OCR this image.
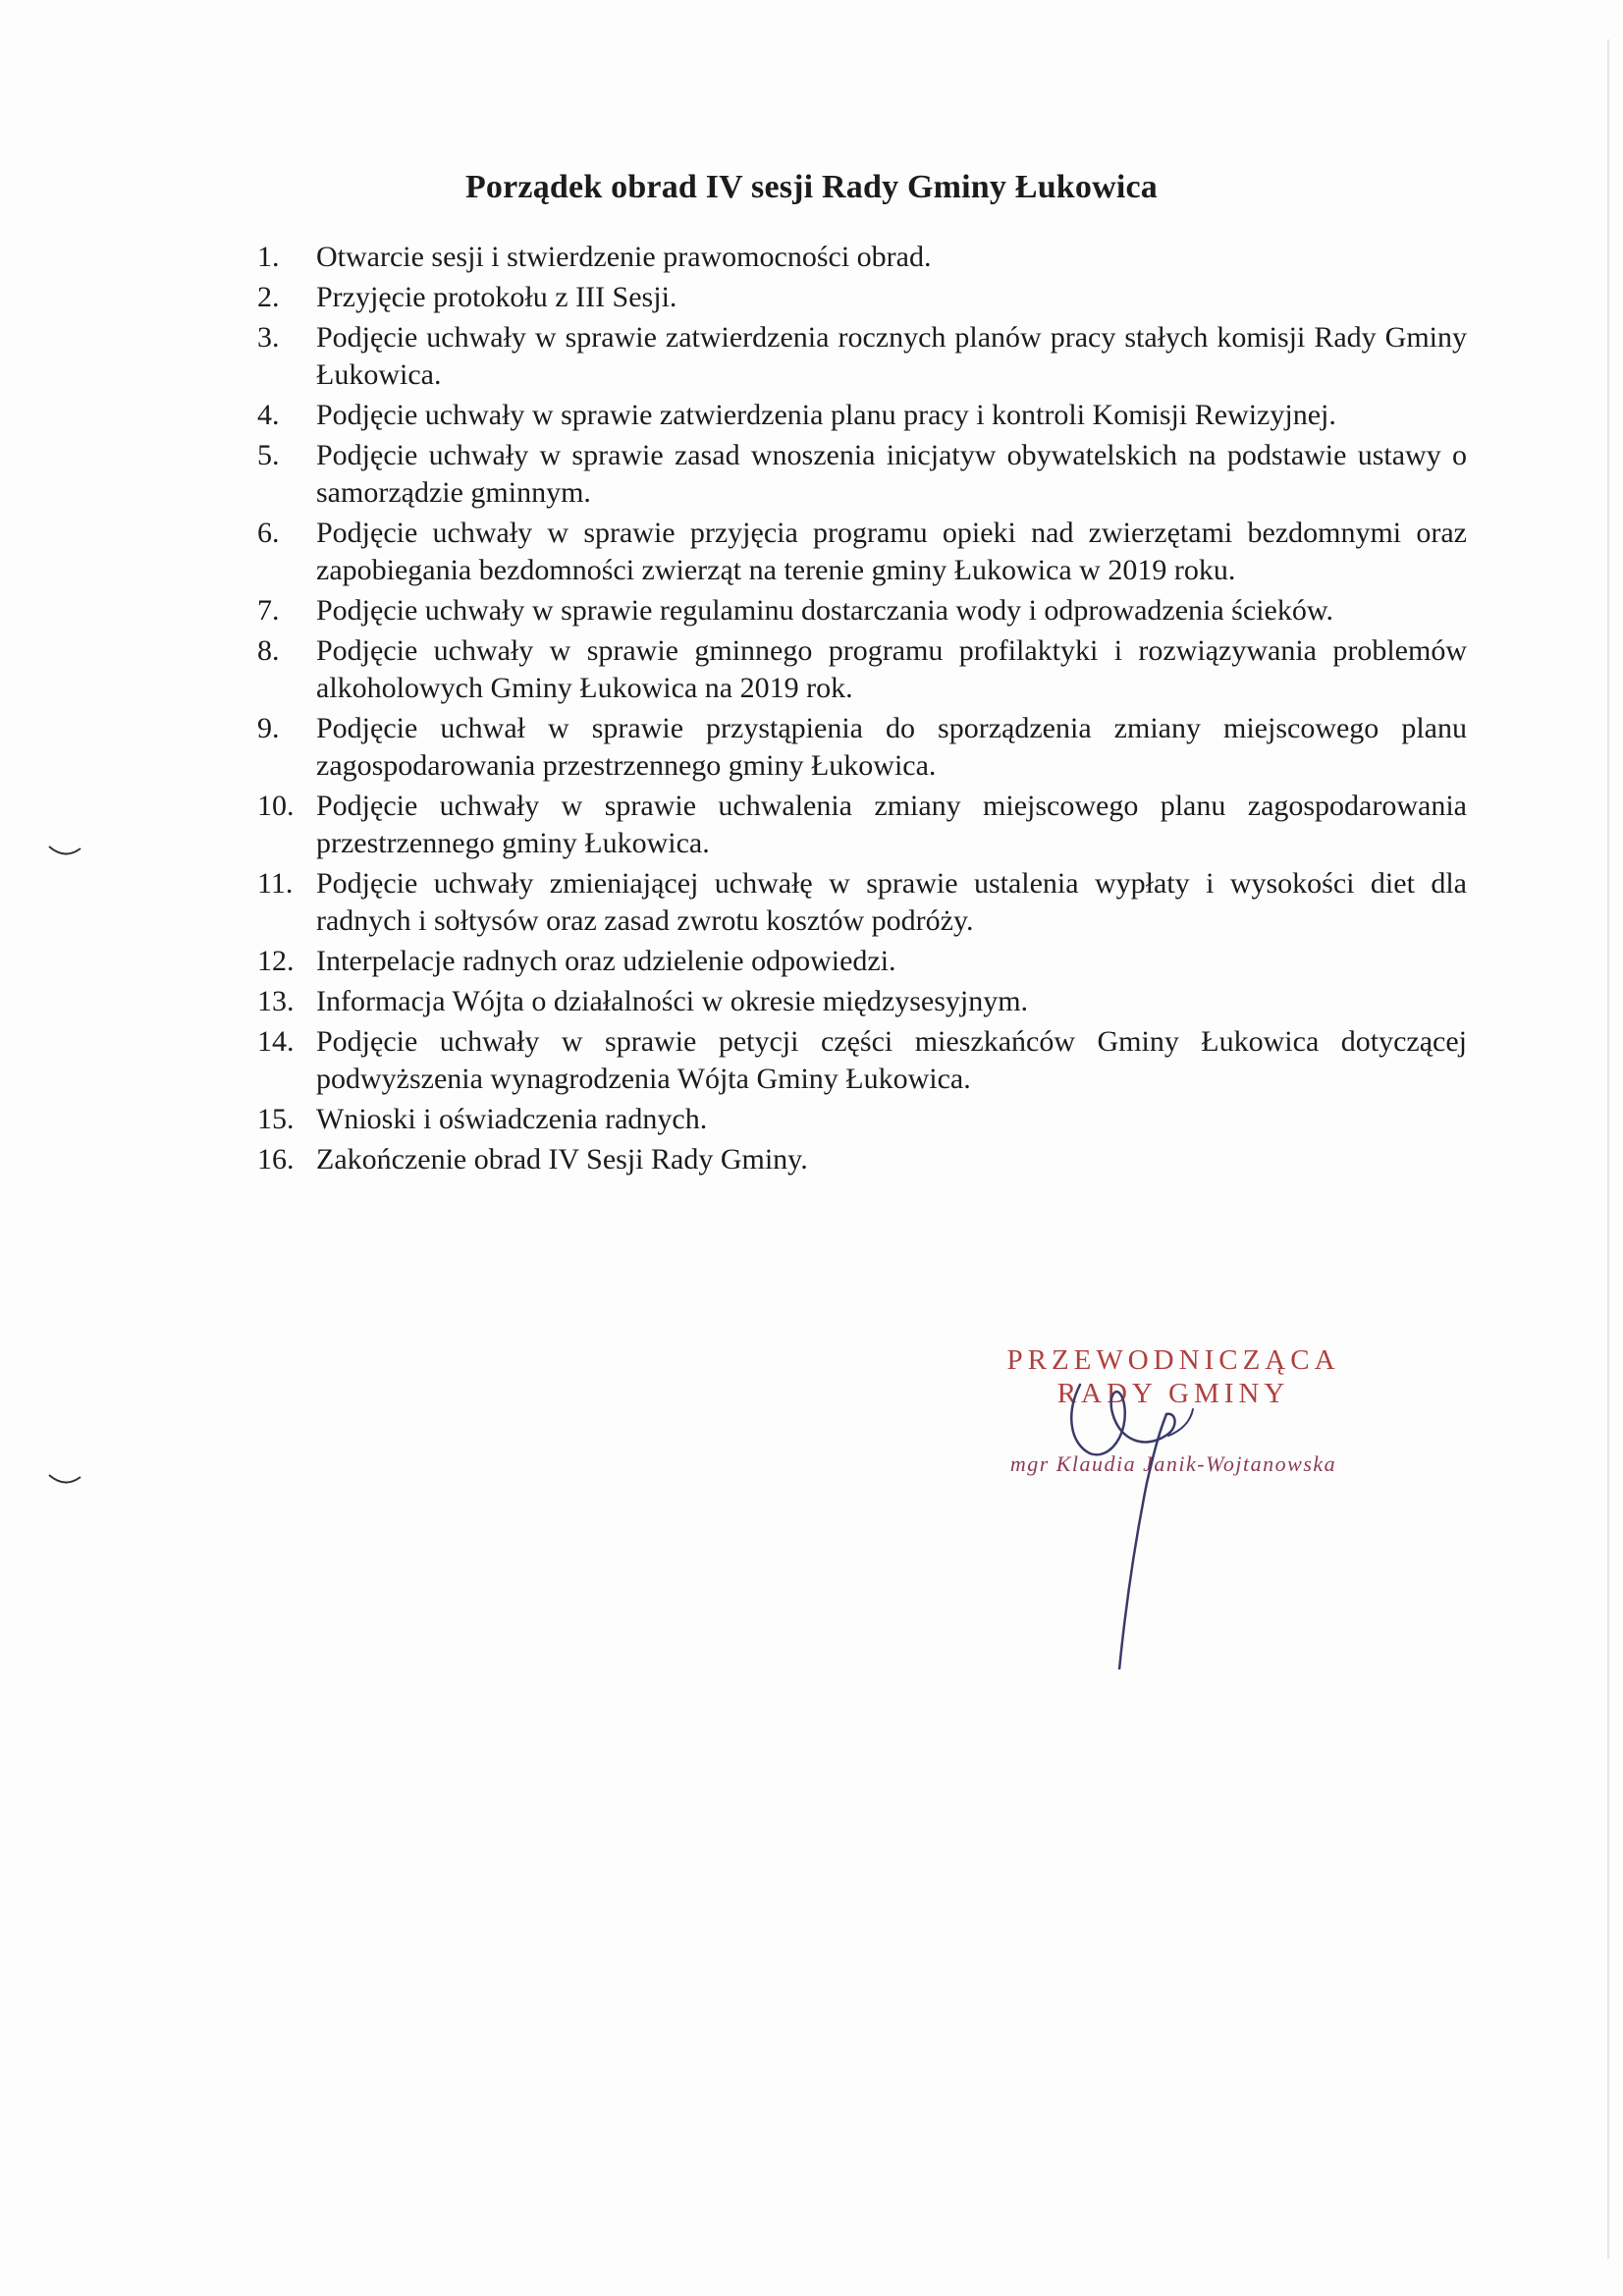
Porządek obrad IV sesji Rady Gminy Łukowica
1.	Otwarcie sesji i stwierdzenie prawomocności obrad.
2.	Przyjęcie protokołu z III Sesji.
3.	Podjęcie uchwały w sprawie zatwierdzenia rocznych planów pracy stałych komisji Rady Gminy Łukowica.
4.	Podjęcie uchwały w sprawie zatwierdzenia planu pracy i kontroli Komisji Rewizyjnej.
5.	Podjęcie uchwały w sprawie zasad wnoszenia inicjatyw obywatelskich na podstawie ustawy o samorządzie gminnym.
6.	Podjęcie uchwały w sprawie przyjęcia programu opieki nad zwierzętami bezdomnymi oraz zapobiegania bezdomności zwierząt na terenie gminy Łukowica w 2019 roku.
7.	Podjęcie uchwały w sprawie regulaminu dostarczania wody i odprowadzenia ścieków.
8.	Podjęcie uchwały w sprawie gminnego programu profilaktyki i rozwiązywania problemów alkoholowych Gminy Łukowica na 2019 rok.
9.	Podjęcie uchwał w sprawie przystąpienia do sporządzenia zmiany miejscowego planu zagospodarowania przestrzennego gminy Łukowica.
10. Podjęcie uchwały w sprawie uchwalenia zmiany miejscowego planu zagospodarowania przestrzennego gminy Łukowica.
11. Podjęcie uchwały zmieniającej uchwałę w sprawie ustalenia wypłaty i wysokości diet dla radnych i sołtysów oraz zasad zwrotu kosztów podróży.
12. Interpelacje radnych oraz udzielenie odpowiedzi.
13. Informacja Wójta o działalności w okresie międzysesyjnym.
14. Podjęcie uchwały w sprawie petycji części mieszkańców Gminy Łukowica dotyczącej podwyższenia wynagrodzenia Wójta Gminy Łukowica.
15. Wnioski i oświadczenia radnych.
16. Zakończenie obrad IV Sesji Rady Gminy.
PRZEWODNICZĄCA
RADY GMINY
mgr Klaudia Janik-Wojtanowska
